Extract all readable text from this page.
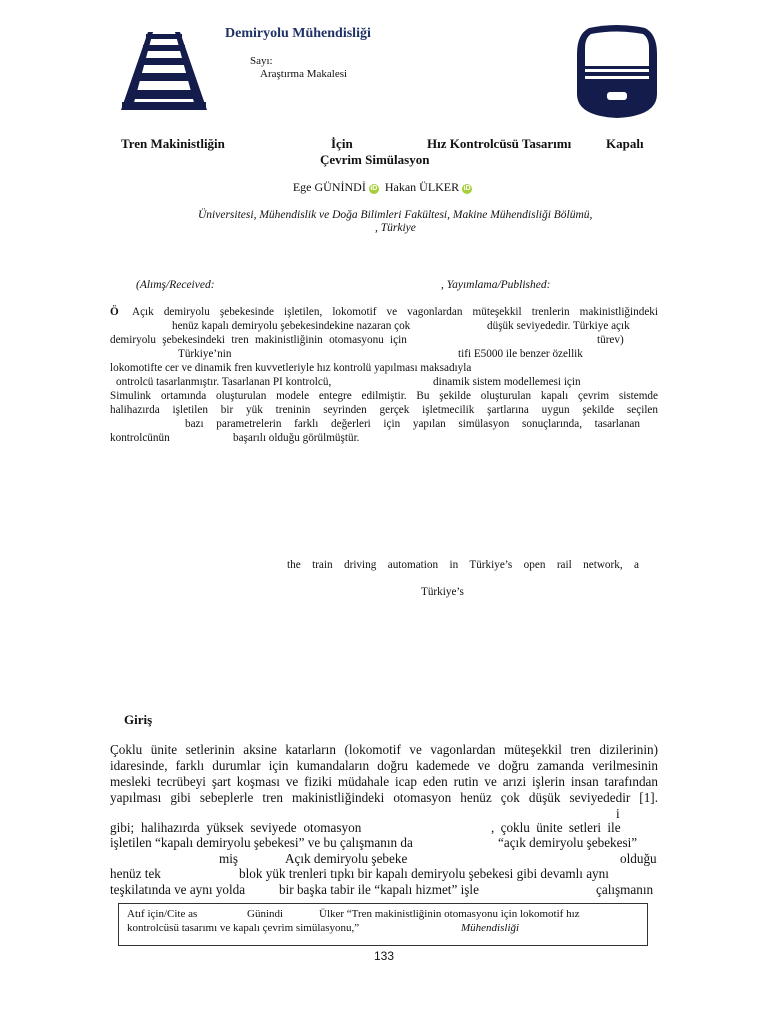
Demiryolu Mühendisliği
Sayı:
Araştırma Makalesi
Tren Makinistliğin	İçin	Hız Kontrolcüsü Tasarımı	Kapalı
Çevrim Simülasyon
Ege GÜNİNDİ iD Hakan ÜLKER iD
Üniversitesi, Mühendislik ve Doğa Bilimleri Fakültesi, Makine Mühendisliği Bölümü,
, Türkiye
(Alımş/Received:	, Yayımlama/Published:
Ö Açık demiryolu şebekesinde işletilen, lokomotif ve vagonlardan müteşekkil trenlerin makinistliğindeki
henüz kapalı demiryolu şebekesindekine nazaran çok	düşük seviyededir. Türkiye açık
demiryolu şebekesindeki tren makinistliğinin otomasyonu için	türev)
Türkiye’nin	tifi E5000 ile benzer özellik
lokomotifte cer ve dinamik fren kuvvetleriyle hız kontrolü yapılması maksadıyla
ontrolcü tasarlanmıştır. Tasarlanan PI kontrolcü,	dinamik sistem modellemesi için
Simulink ortamında oluşturulan modele entegre edilmiştir. Bu şekilde oluşturulan kapalı çevrim sistemde
halihazırda işletilen bir yük treninin seyrinden gerçek işletmecilik şartlarına uygun şekilde seçilen
bazı parametrelerin farklı değerleri için yapılan simülasyon sonuçlarında, tasarlanan
kontrolcünün	başarılı olduğu görülmüştür.
the train driving automation in Türkiye’s open rail network, a
Türkiye’s
Giriş
Çoklu ünite setlerinin aksine katarların (lokomotif ve vagonlardan müteşekkil tren dizilerinin)
idaresinde, farklı durumlar için kumandaların doğru kademede ve doğru zamanda verilmesinin
mesleki tecrübeyi şart koşması ve fiziki müdahale icap eden rutin ve arızi işlerin insan tarafından
yapılması gibi sebeplerle tren makinistliğindeki otomasyon henüz çok düşük seviyededir [1].
i
gibi; halihazırda yüksek seviyede otomasyon	, çoklu ünite setleri ile
işletilen “kapalı demiryolu şebekesi” ve bu çalışmanın da	“açık demiryolu şebekesi”
miş	Açık demiryolu şebeke	olduğu
henüz tek	blok yük trenleri tıpkı bir kapalı demiryolu şebekesi gibi devamlı aynı
teşkilatında ve aynı yolda	bir başka tabir ile “kapalı hizmet” işle	çalışmanın
Atıf için/Cite as	Günindi	Ülker “Tren makinistliğinin otomasyonu için lokomotif hız
kontrolcüsü tasarımı ve kapalı çevrim simülasyonu,”	Mühendisliği
133
